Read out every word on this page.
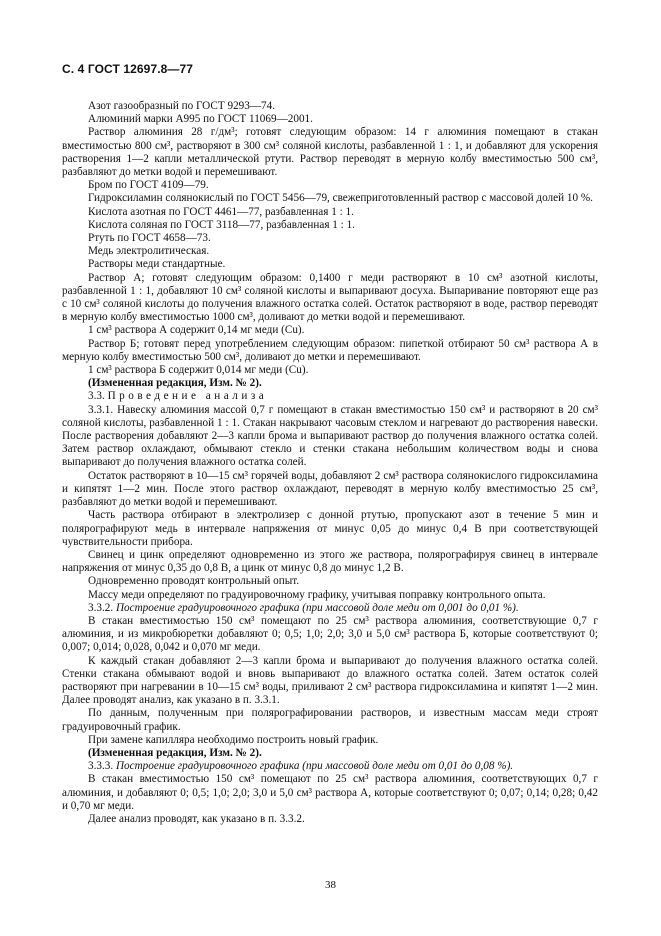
С. 4 ГОСТ 12697.8—77

Азот газообразный по ГОСТ 9293—74.

Алюминий марки А995 по ГОСТ 11069—2001.

Раствор алюминия 28 г/дм³; готовят следующим образом: 14 г алюминия помещают в стакан вместимостью 800 см³, растворяют в 300 см³ соляной кислоты, разбавленной 1 : 1, и добавляют для ускорения растворения 1—2 капли металлической ртути. Раствор переводят в мерную колбу вместимостью 500 см³, разбавляют до метки водой и перемешивают.

Бром по ГОСТ 4109—79.

Гидроксиламин солянокислый по ГОСТ 5456—79, свежеприготовленный раствор с массовой долей 10 %.

Кислота азотная по ГОСТ 4461—77, разбавленная 1 : 1.

Кислота соляная по ГОСТ 3118—77, разбавленная 1 : 1.

Ртуть по ГОСТ 4658—73.

Медь электролитическая.

Растворы меди стандартные.

Раствор А; готовят следующим образом: 0,1400 г меди растворяют в 10 см³ азотной кислоты, разбавленной 1 : 1, добавляют 10 см³ соляной кислоты и выпаривают досуха. Выпаривание повторяют еще раз с 10 см³ соляной кислоты до получения влажного остатка солей. Остаток растворяют в воде, раствор переводят в мерную колбу вместимостью 1000 см³, доливают до метки водой и перемешивают.

1 см³ раствора А содержит 0,14 мг меди (Cu).

Раствор Б; готовят перед употреблением следующим образом: пипеткой отбирают 50 см³ раствора А в мерную колбу вместимостью 500 см³, доливают до метки и перемешивают.

1 см³ раствора Б содержит 0,014 мг меди (Cu).

(Измененная редакция, Изм. № 2).

3.3. Проведение анализа

3.3.1. Навеску алюминия массой 0,7 г помещают в стакан вместимостью 150 см³ и растворяют в 20 см³ соляной кислоты, разбавленной 1 : 1. Стакан накрывают часовым стеклом и нагревают до растворения навески. После растворения добавляют 2—3 капли брома и выпаривают раствор до получения влажного остатка солей. Затем раствор охлаждают, обмывают стекло и стенки стакана небольшим количеством воды и снова выпаривают до получения влажного остатка солей.

Остаток растворяют в 10—15 см³ горячей воды, добавляют 2 см³ раствора солянокислого гидроксиламина и кипятят 1—2 мин. После этого раствор охлаждают, переводят в мерную колбу вместимостью 25 см³, разбавляют до метки водой и перемешивают.

Часть раствора отбирают в электролизер с донной ртутью, пропускают азот в течение 5 мин и полярографируют медь в интервале напряжения от минус 0,05 до минус 0,4 В при соответствующей чувствительности прибора.

Свинец и цинк определяют одновременно из этого же раствора, полярографируя свинец в интервале напряжения от минус 0,35 до 0,8 В, а цинк от минус 0,8 до минус 1,2 В.

Одновременно проводят контрольный опыт.

Массу меди определяют по градуировочному графику, учитывая поправку контрольного опыта.

3.3.2. Построение градуировочного графика (при массовой доле меди от 0,001 до 0,01 %).

В стакан вместимостью 150 см³ помещают по 25 см³ раствора алюминия, соответствующие 0,7 г алюминия, и из микробюретки добавляют 0; 0,5; 1,0; 2,0; 3,0 и 5,0 см³ раствора Б, которые соответствуют 0; 0,007; 0,014; 0,028, 0,042 и 0,070 мг меди.

К каждый стакан добавляют 2—3 капли брома и выпаривают до получения влажного остатка солей. Стенки стакана обмывают водой и вновь выпаривают до влажного остатка солей. Затем остаток солей растворяют при нагревании в 10—15 см³ воды, приливают 2 см³ раствора гидроксиламина и кипятят 1—2 мин. Далее проводят анализ, как указано в п. 3.3.1.

По данным, полученным при полярографировании растворов, и известным массам меди строят градуировочный график.

При замене капилляра необходимо построить новый график.

(Измененная редакция, Изм. № 2).

3.3.3. Построение градуировочного графика (при массовой доле меди от 0,01 до 0,08 %).

В стакан вместимостью 150 см³ помещают по 25 см³ раствора алюминия, соответствующих 0,7 г алюминия, и добавляют 0; 0,5; 1,0; 2,0; 3,0 и 5,0 см³ раствора А, которые соответствуют 0; 0,07; 0,14; 0,28; 0,42 и 0,70 мг меди.

Далее анализ проводят, как указано в п. 3.3.2.

38
